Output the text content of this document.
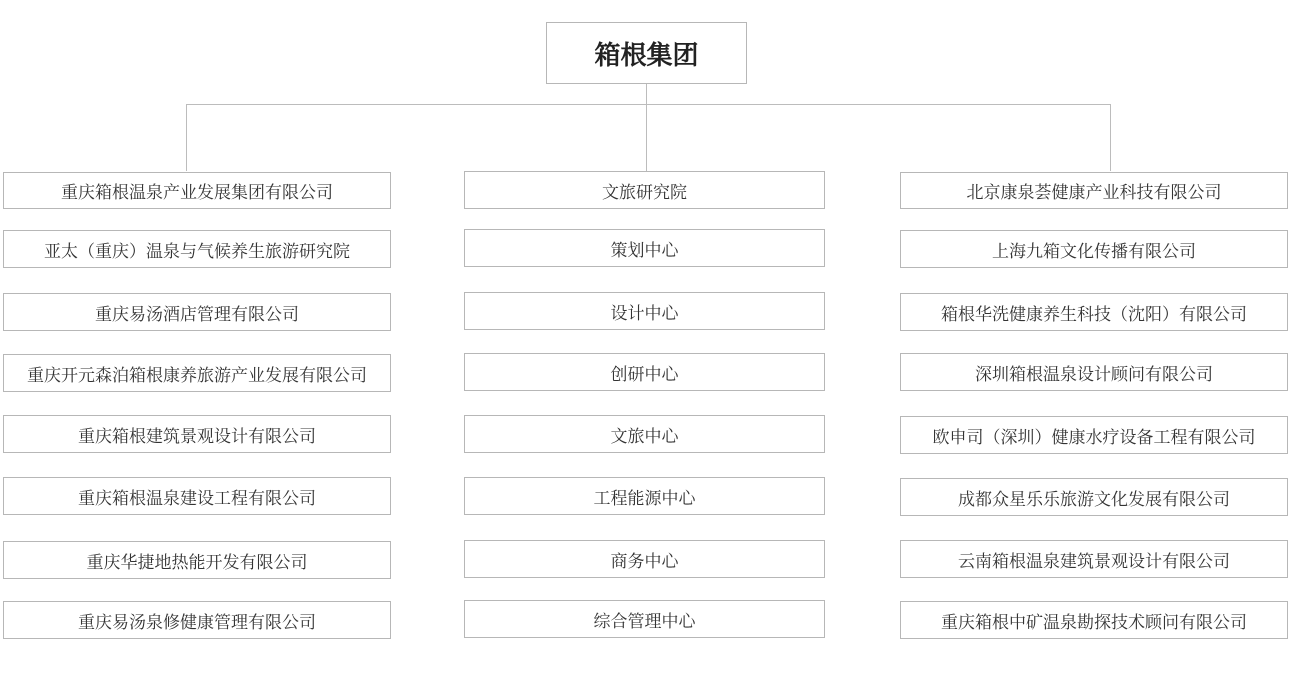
箱根集团
重庆箱根温泉产业发展集团有限公司
亚太（重庆）温泉与气候养生旅游研究院
重庆易汤酒店管理有限公司
重庆开元森泊箱根康养旅游产业发展有限公司
重庆箱根建筑景观设计有限公司
重庆箱根温泉建设工程有限公司
重庆华捷地热能开发有限公司
重庆易汤泉修健康管理有限公司
文旅研究院
策划中心
设计中心
创研中心
文旅中心
工程能源中心
商务中心
综合管理中心
北京康泉荟健康产业科技有限公司
上海九箱文化传播有限公司
箱根华洗健康养生科技（沈阳）有限公司
深圳箱根温泉设计顾问有限公司
欧申司（深圳）健康水疗设备工程有限公司
成都众星乐乐旅游文化发展有限公司
云南箱根温泉建筑景观设计有限公司
重庆箱根中矿温泉勘探技术顾问有限公司
